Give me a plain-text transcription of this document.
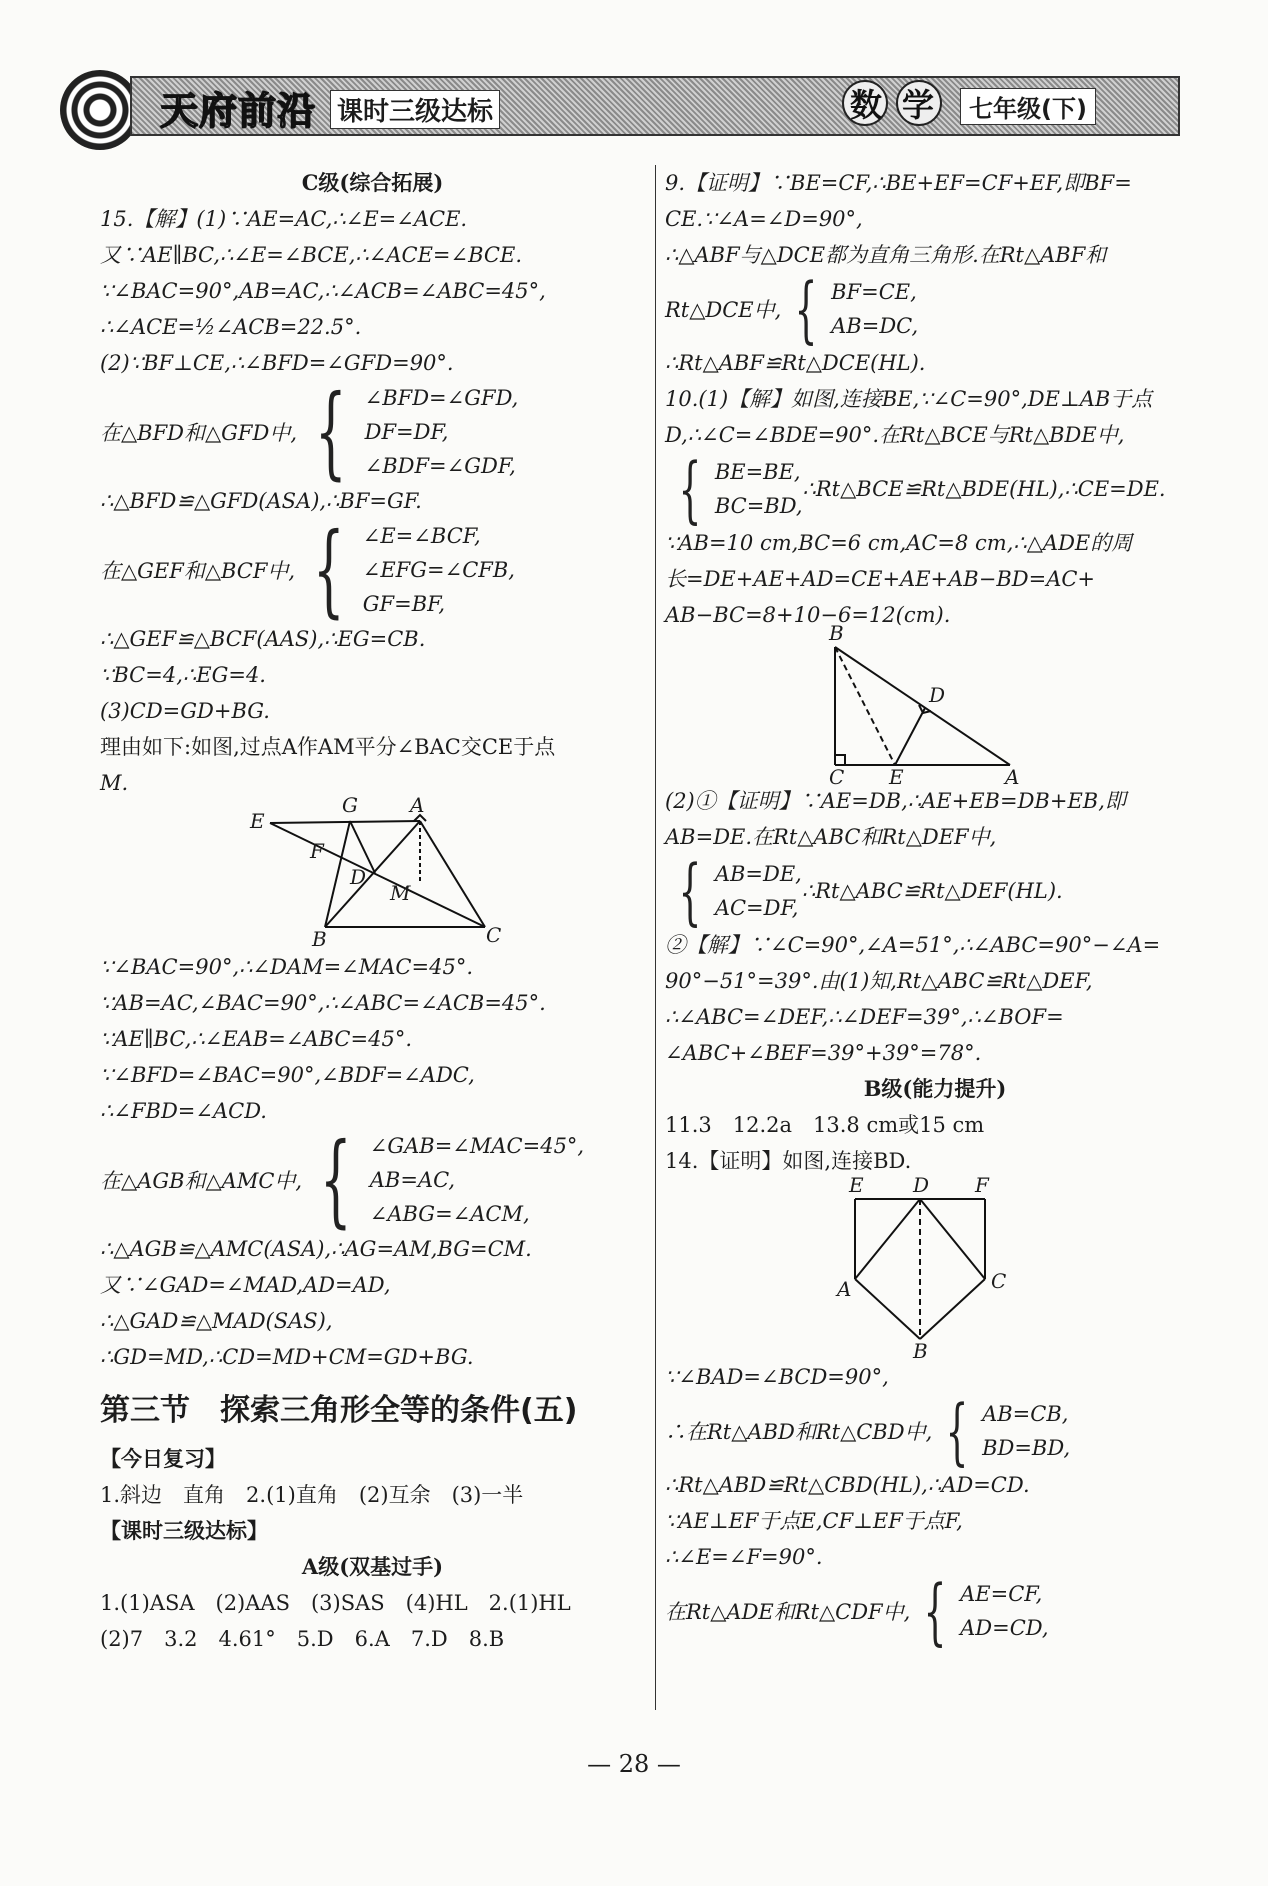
天府前沿 课时三级达标	数学 七年级(下)
C级(综合拓展)
15.【解】(1)∵AE=AC,∴∠E=∠ACE.
又∵AE∥BC,∴∠E=∠BCE,∴∠ACE=∠BCE.
∵∠BAC=90°,AB=AC,∴∠ACB=∠ABC=45°,
∴∠ACE=½∠ACB=22.5°.
(2)∵BF⊥CE,∴∠BFD=∠GFD=90°.
在△BFD和△GFD中, { ∠BFD=∠GFD,
DF=DF,
∠BDF=∠GDF,
∴△BFD≌△GFD(ASA),∴BF=GF.
在△GEF和△BCF中, { ∠E=∠BCF,
∠EFG=∠CFB,
GF=BF,
∴△GEF≌△BCF(AAS),∴EG=CB.
∵BC=4,∴EG=4.
(3)CD=GD+BG.
理由如下:如图,过点A作AM平分∠BAC交CE于点
M.
E
G	A
F
D
M
B	C
∵∠BAC=90°,∴∠DAM=∠MAC=45°.
∵AB=AC,∠BAC=90°,∴∠ABC=∠ACB=45°.
∵AE∥BC,∴∠EAB=∠ABC=45°.
∵∠BFD=∠BAC=90°,∠BDF=∠ADC,
∴∠FBD=∠ACD.
在△AGB和△AMC中, { ∠GAB=∠MAC=45°,
AB=AC,
∠ABG=∠ACM,
∴△AGB≌△AMC(ASA),∴AG=AM,BG=CM.
又∵∠GAD=∠MAD,AD=AD,
∴△GAD≌△MAD(SAS),
∴GD=MD,∴CD=MD+CM=GD+BG.
第三节　探索三角形全等的条件(五)
【今日复习】
1.斜边　直角　2.(1)直角　(2)互余　(3)一半
【课时三级达标】
A级(双基过手)
1.(1)ASA　(2)AAS　(3)SAS　(4)HL　2.(1)HL
(2)7　3.2　4.61°　5.D　6.A　7.D　8.B
9.【证明】∵BE=CF,∴BE+EF=CF+EF,即BF=
CE.∵∠A=∠D=90°,
∴△ABF与△DCE都为直角三角形.在Rt△ABF和
Rt△DCE中, { BF=CE,
AB=DC,
∴Rt△ABF≌Rt△DCE(HL).
10.(1)【解】如图,连接BE,∵∠C=90°,DE⊥AB于点
D,∴∠C=∠BDE=90°.在Rt△BCE与Rt△BDE中,
{ BE=BE,
BC=BD,
∴Rt△BCE≌Rt△BDE(HL),∴CE=DE.
∵AB=10 cm,BC=6 cm,AC=8 cm,∴△ADE的周
长=DE+AE+AD=CE+AE+AB−BD=AC+
AB−BC=8+10−6=12(cm).
B
D
C E	A
(2)①【证明】∵AE=DB,∴AE+EB=DB+EB,即
AB=DE.在Rt△ABC和Rt△DEF中,
{ AB=DE,
AC=DF,
∴Rt△ABC≌Rt△DEF(HL).
②【解】∵∠C=90°,∠A=51°,∴∠ABC=90°−∠A=
90°−51°=39°.由(1)知,Rt△ABC≌Rt△DEF,
∴∠ABC=∠DEF,∴∠DEF=39°,∴∠BOF=
∠ABC+∠BEF=39°+39°=78°.
B级(能力提升)
11.3　12.2a　13.8 cm或15 cm
14.【证明】如图,连接BD.
E D F
A	C
B
∵∠BAD=∠BCD=90°,
∴在Rt△ABD和Rt△CBD中, { AB=CB,
BD=BD,
∴Rt△ABD≌Rt△CBD(HL),∴AD=CD.
∵AE⊥EF于点E,CF⊥EF于点F,
∴∠E=∠F=90°.
在Rt△ADE和Rt△CDF中, { AE=CF,
AD=CD,
— 28 —
